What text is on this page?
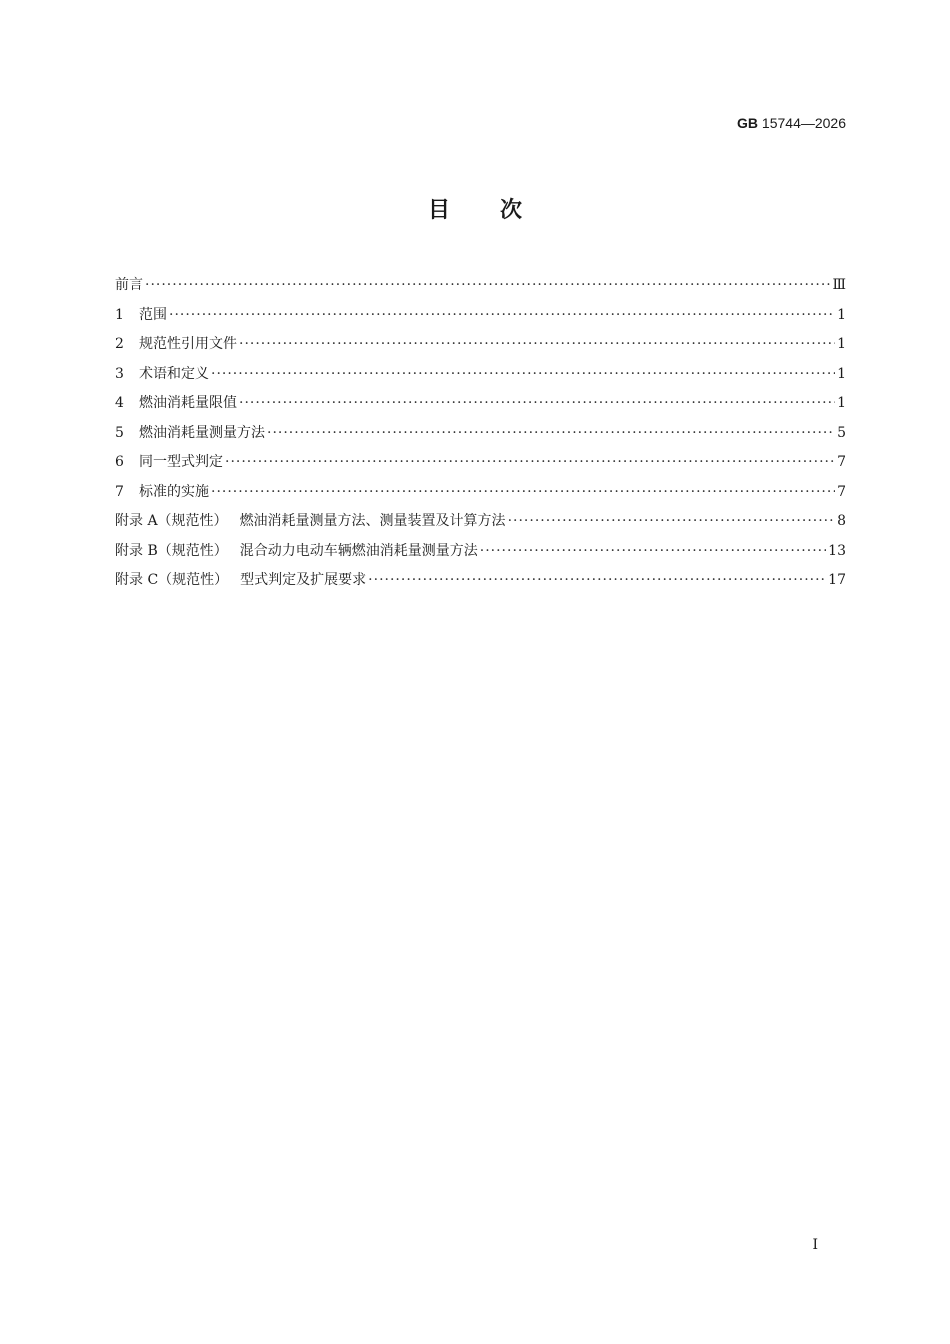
GB 15744—2026
目次
前言 ·····	Ⅲ
1	范围 ·····	1
2	规范性引用文件 ·····	1
3	术语和定义 ·····	1
4	燃油消耗量限值 ·····	1
5	燃油消耗量测量方法 ·····	5
6	同一型式判定 ·····	7
7	标准的实施 ·····	7
附录 A（规范性） 燃油消耗量测量方法、测量装置及计算方法 ·····	8
附录 B（规范性） 混合动力电动车辆燃油消耗量测量方法 ·····	13
附录 C（规范性） 型式判定及扩展要求 ·····	17
Ⅰ
